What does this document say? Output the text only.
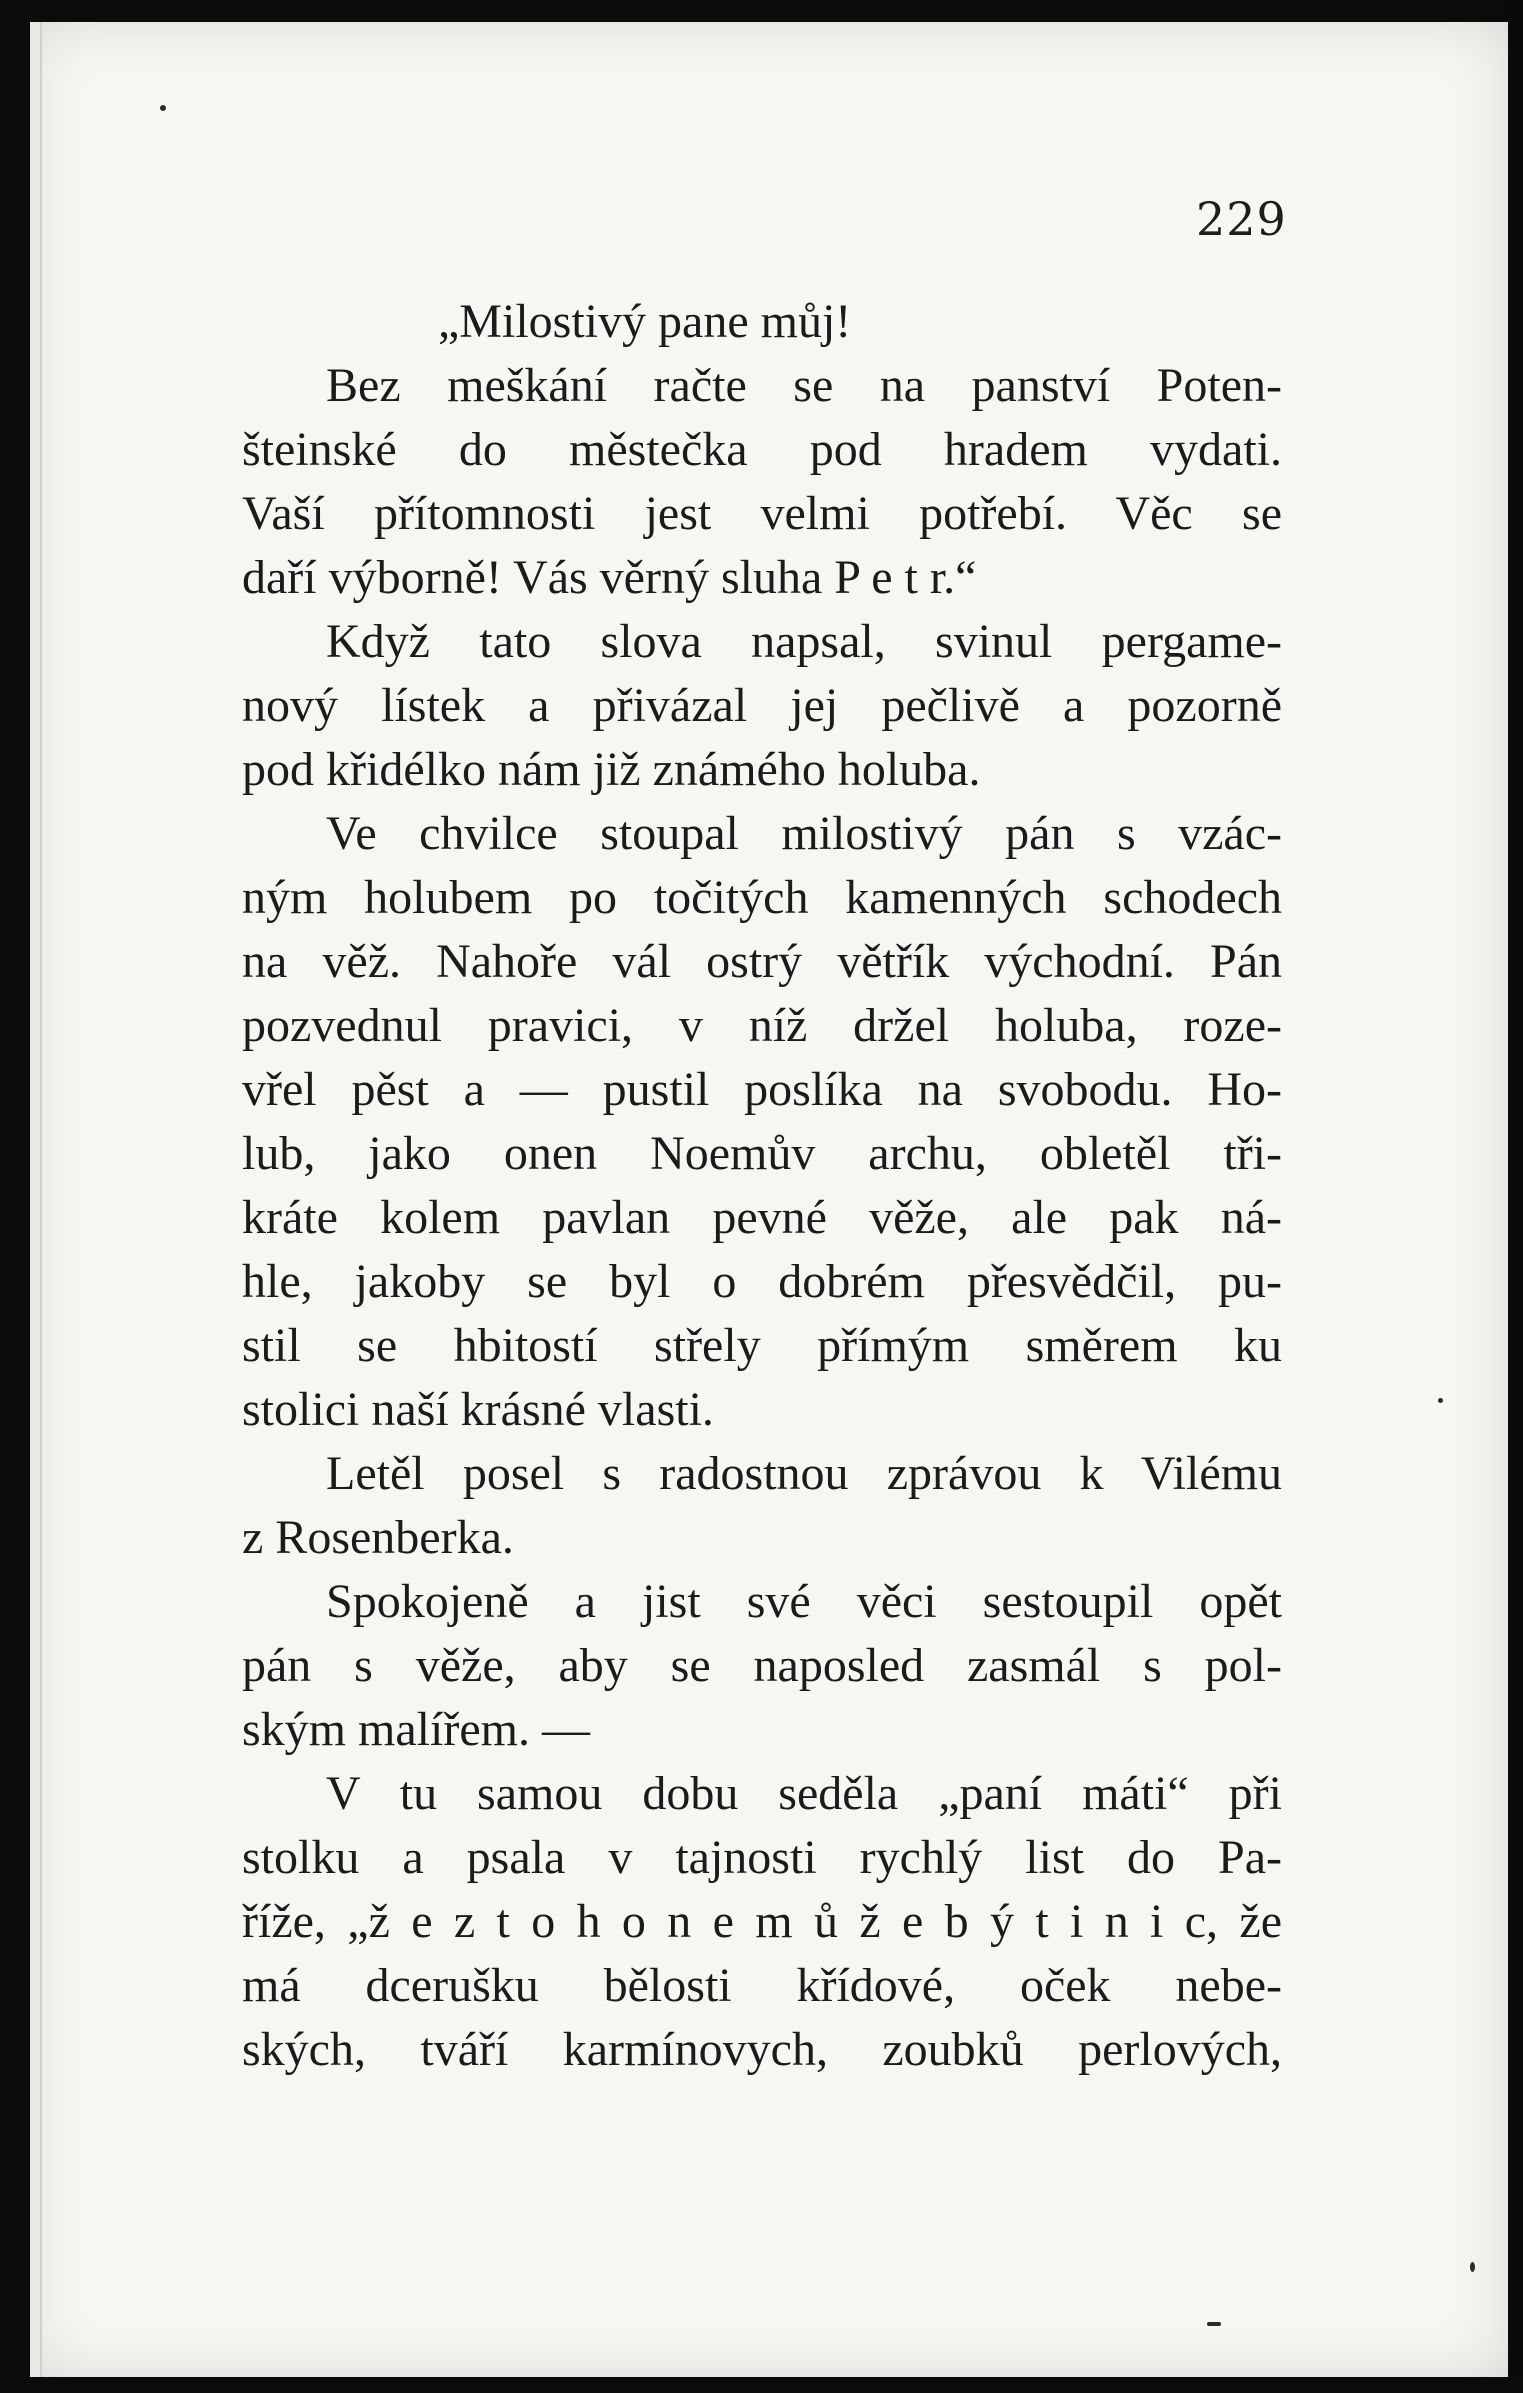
229
„Milostivý pane můj!
Bez meškání račte se na panství Poten-
šteinské do městečka pod hradem vydati.
Vaší přítomnosti jest velmi potřebí. Věc se
daří výborně! Vás věrný sluha P e t r.“
Když tato slova napsal, svinul pergame-
nový lístek a přivázal jej pečlivě a pozorně
pod křidélko nám již známého holuba.
Ve chvilce stoupal milostivý pán s vzác-
ným holubem po točitých kamenných schodech
na věž. Nahoře vál ostrý větřík východní. Pán
pozvednul pravici, v níž držel holuba, roze-
vřel pěst a — pustil poslíka na svobodu. Ho-
lub, jako onen Noemův archu, obletěl tři-
kráte kolem pavlan pevné věže, ale pak ná-
hle, jakoby se byl o dobrém přesvědčil, pu-
stil se hbitostí střely přímým směrem ku
stolici naší krásné vlasti.
Letěl posel s radostnou zprávou k Vilému
z Rosenberka.
Spokojeně a jist své věci sestoupil opět
pán s věže, aby se naposled zasmál s pol-
ským malířem. —
V tu samou dobu seděla „paní máti“ při
stolku a psala v tajnosti rychlý list do Pa-
říže, „ž e z t o h o n e m ů ž e b ý t i n i c, že
má dcerušku bělosti křídové, oček nebe-
ských, tváří karmínovych, zoubků perlových,
